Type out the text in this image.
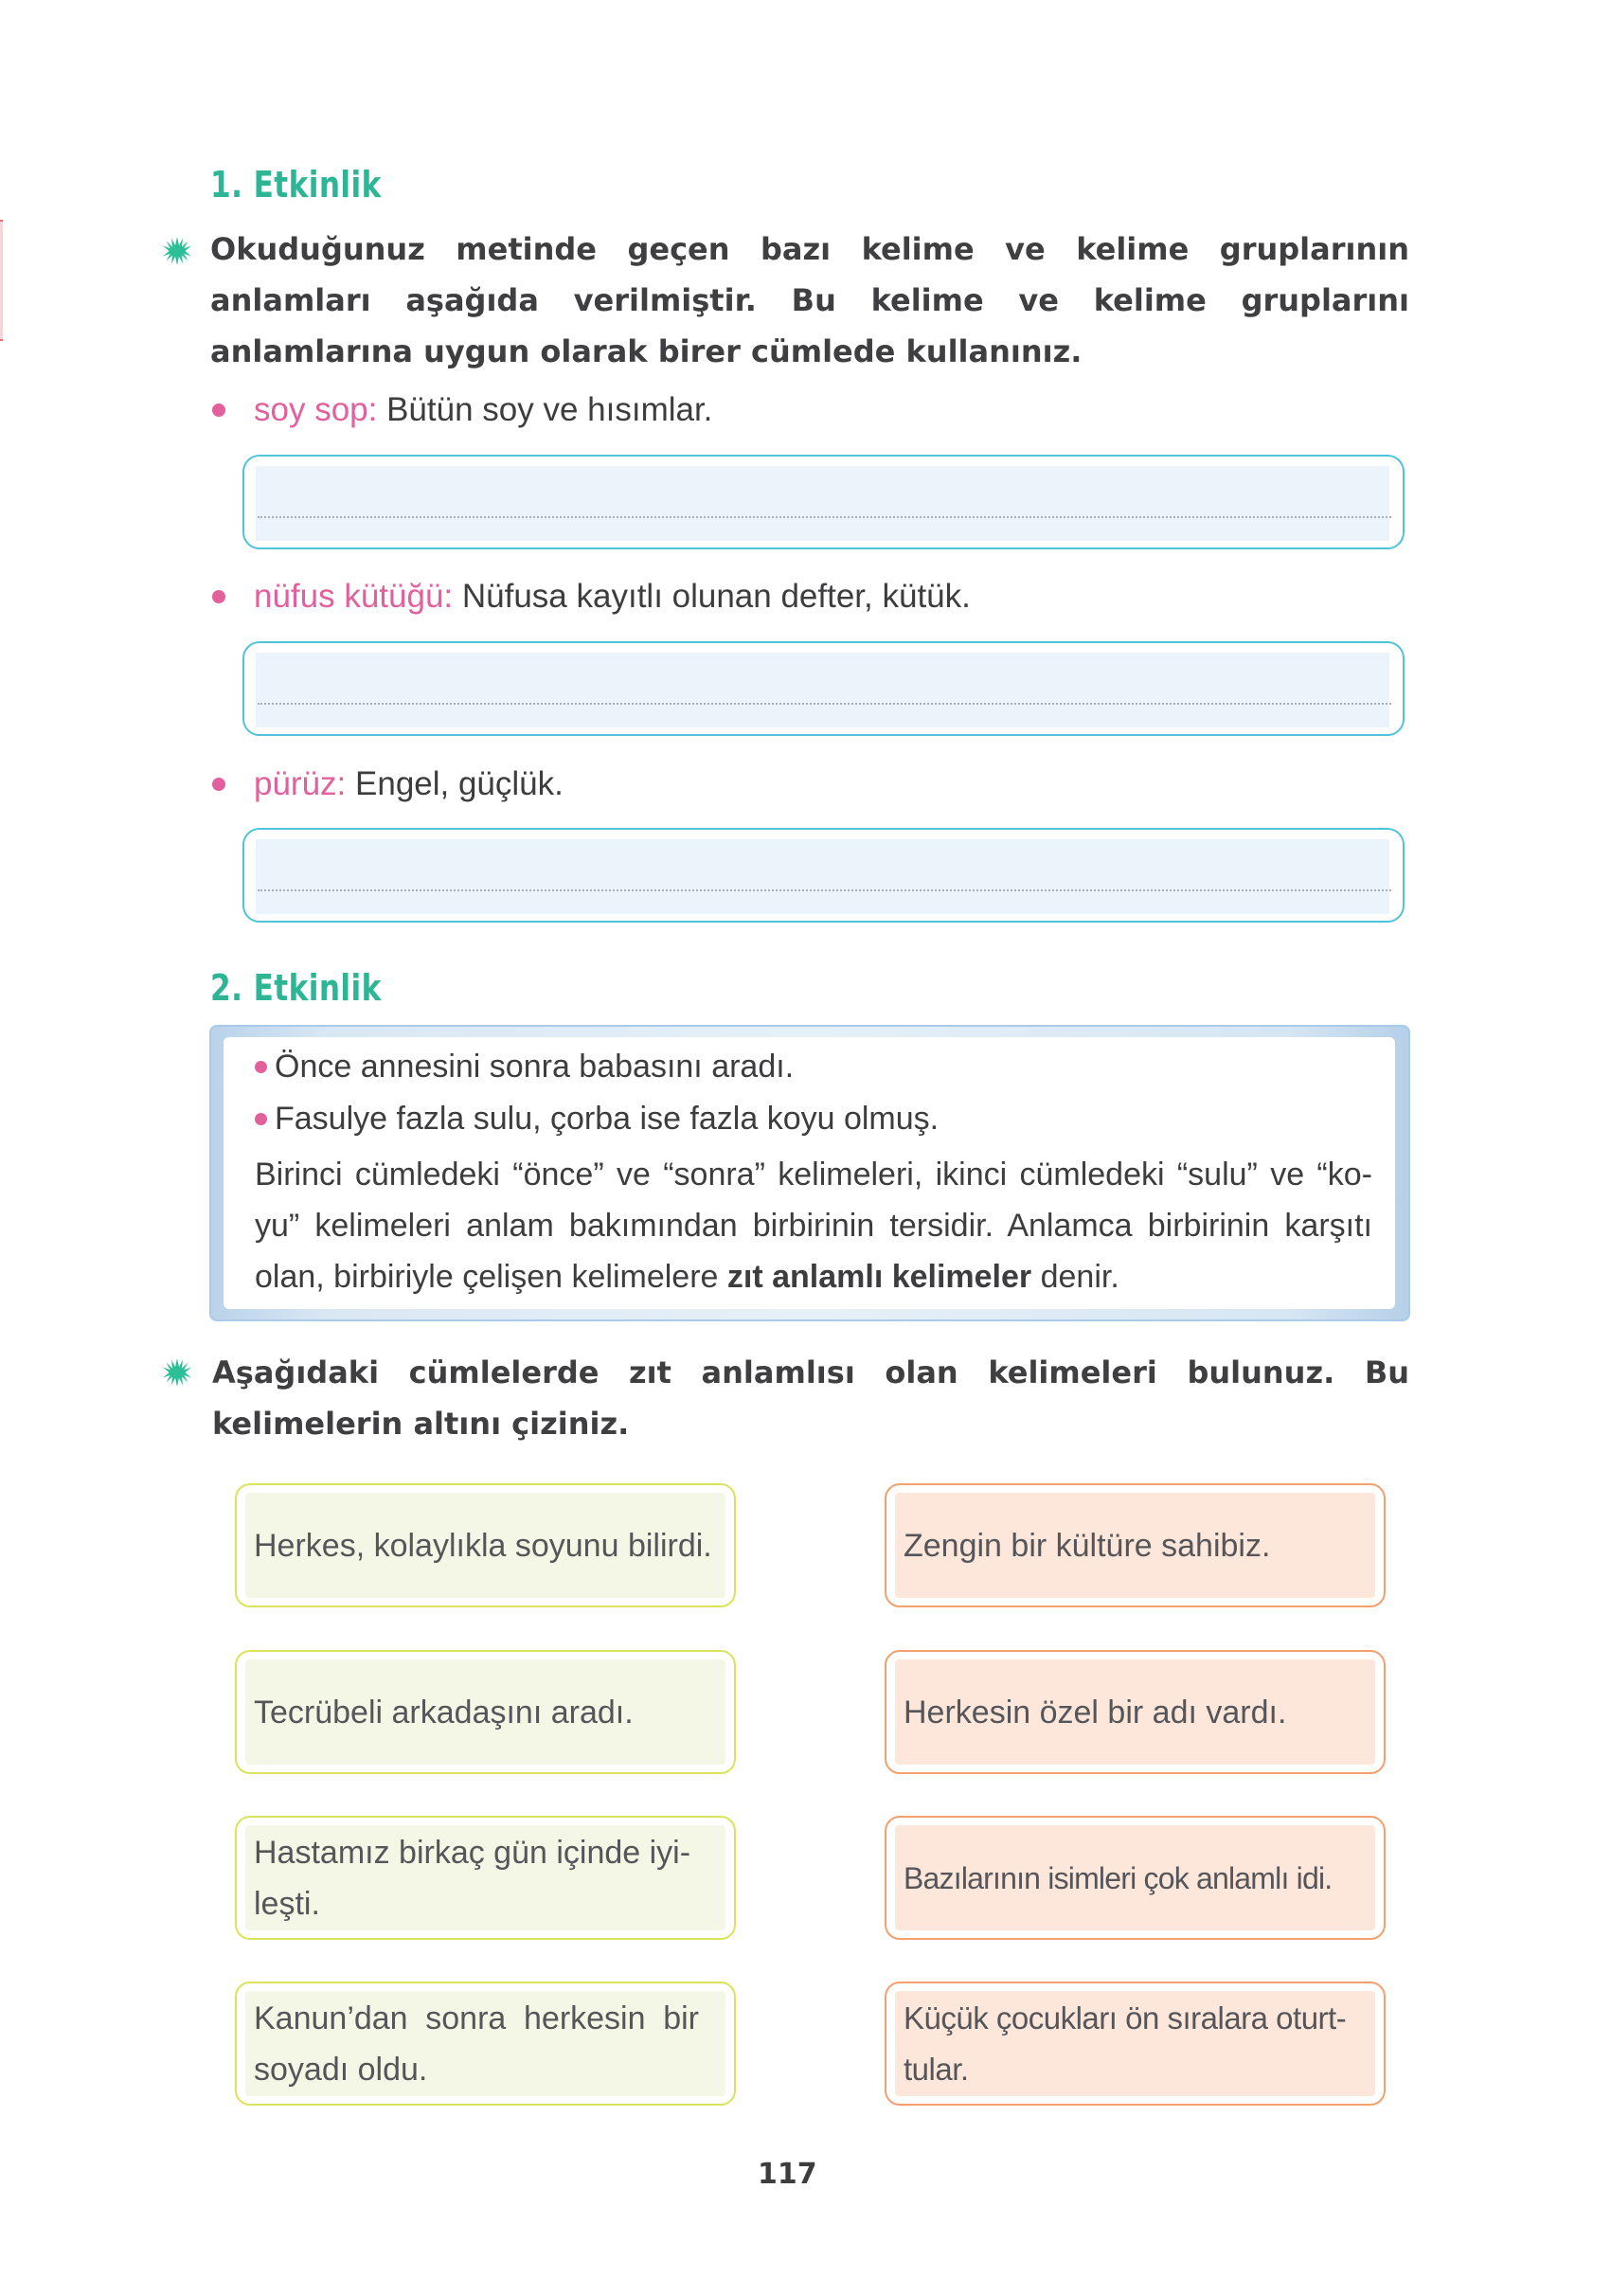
1. Etkinlik
Okuduğunuz metinde geçen bazı kelime ve kelime gruplarının anlamları aşağıda verilmiştir. Bu kelime ve kelime gruplarını anlamlarına uygun olarak birer cümlede kullanınız.
soy sop: Bütün soy ve hısımlar.
nüfus kütüğü: Nüfusa kayıtlı olunan defter, kütük.
pürüz: Engel, güçlük.
2. Etkinlik
Önce annesini sonra babasını aradı.
Fasulye fazla sulu, çorba ise fazla koyu olmuş.
Birinci cümledeki “önce” ve “sonra” kelimeleri, ikinci cümledeki “sulu” ve “ko-yu” kelimeleri anlam bakımından birbirinin tersidir. Anlamca birbirinin karşıtı olan, birbiriyle çelişen kelimelere zıt anlamlı kelimeler denir.
Aşağıdaki cümlelerde zıt anlamlısı olan kelimeleri bulunuz. Bu kelimelerin altını çiziniz.
Herkes, kolaylıkla soyunu bilirdi.
Tecrübeli arkadaşını aradı.
Hastamız birkaç gün içinde iyi-leşti.
Kanun’dan sonra herkesin bir soyadı oldu.
Zengin bir kültüre sahibiz.
Herkesin özel bir adı vardı.
Bazılarının isimleri çok anlamlı idi.
Küçük çocukları ön sıralara oturt-tular.
117
